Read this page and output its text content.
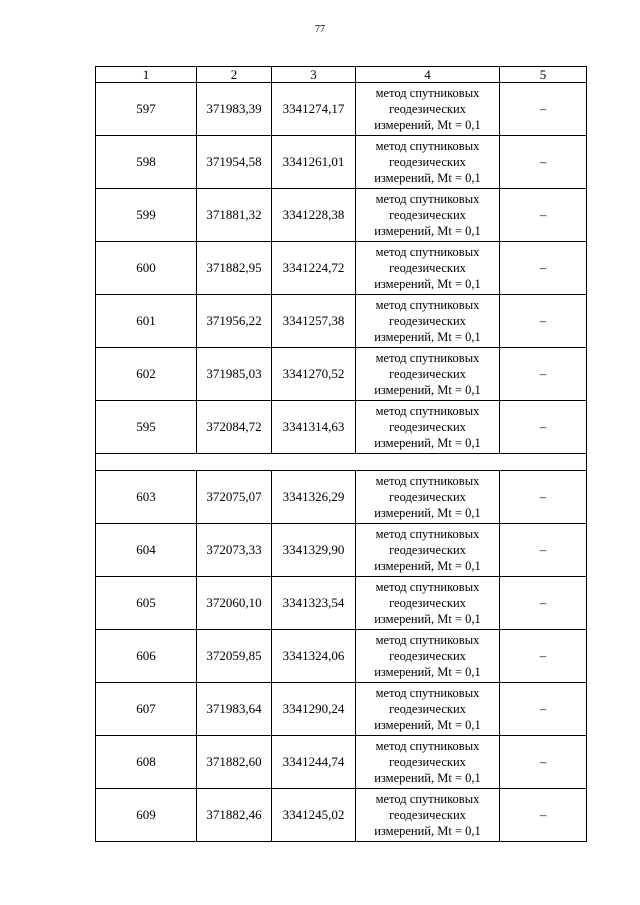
77
1	2	3	4	5
597	371983,39	3341274,17	метод спутниковых
геодезических
измерений, Mt = 0,1	–
598	371954,58	3341261,01	метод спутниковых
геодезических
измерений, Mt = 0,1	–
599	371881,32	3341228,38	метод спутниковых
геодезических
измерений, Mt = 0,1	–
600	371882,95	3341224,72	метод спутниковых
геодезических
измерений, Mt = 0,1	–
601	371956,22	3341257,38	метод спутниковых
геодезических
измерений, Mt = 0,1	–
602	371985,03	3341270,52	метод спутниковых
геодезических
измерений, Mt = 0,1	–
595	372084,72	3341314,63	метод спутниковых
геодезических
измерений, Mt = 0,1	–

603	372075,07	3341326,29	метод спутниковых
геодезических
измерений, Mt = 0,1	–
604	372073,33	3341329,90	метод спутниковых
геодезических
измерений, Mt = 0,1	–
605	372060,10	3341323,54	метод спутниковых
геодезических
измерений, Mt = 0,1	–
606	372059,85	3341324,06	метод спутниковых
геодезических
измерений, Mt = 0,1	–
607	371983,64	3341290,24	метод спутниковых
геодезических
измерений, Mt = 0,1	–
608	371882,60	3341244,74	метод спутниковых
геодезических
измерений, Mt = 0,1	–
609	371882,46	3341245,02	метод спутниковых
геодезических
измерений, Mt = 0,1	–
